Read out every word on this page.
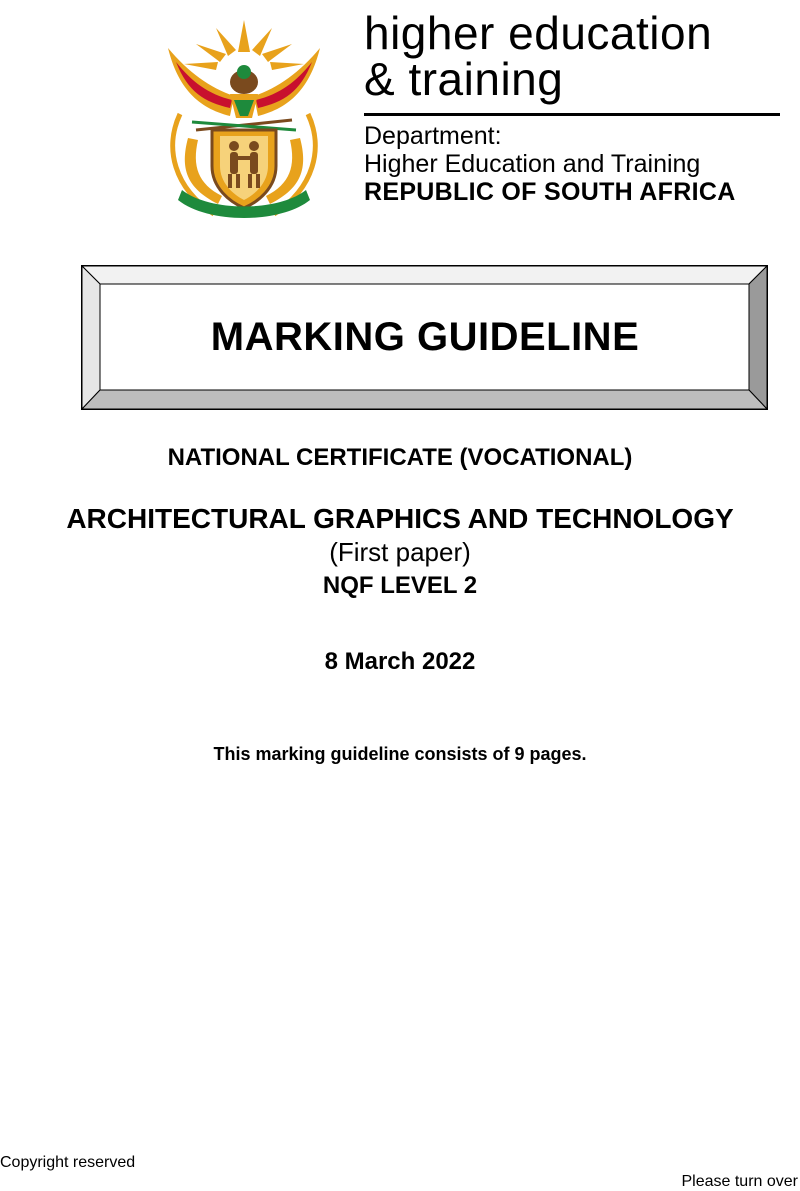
higher education
& training
Department:
Higher Education and Training
REPUBLIC OF SOUTH AFRICA
MARKING GUIDELINE
NATIONAL CERTIFICATE (VOCATIONAL)
ARCHITECTURAL GRAPHICS AND TECHNOLOGY
(First paper)
NQF LEVEL 2
8 March 2022
This marking guideline consists of 9 pages.
Copyright reserved
Please turn over
